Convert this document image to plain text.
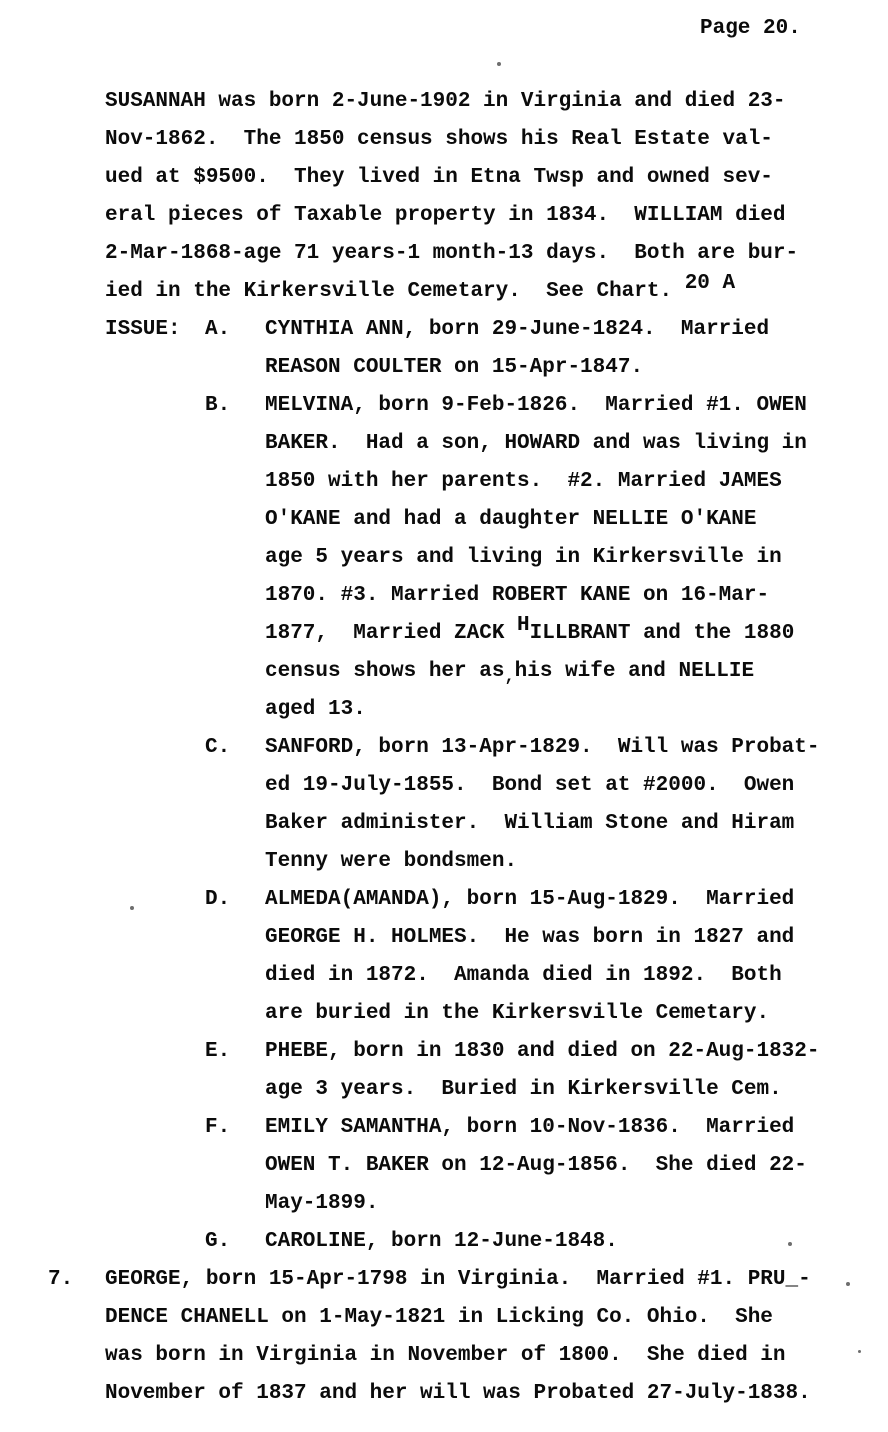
Page 20.
SUSANNAH was born 2-June-1902 in Virginia and died 23-
Nov-1862.  The 1850 census shows his Real Estate val-
ued at $9500.  They lived in Etna Twsp and owned sev-
eral pieces of Taxable property in 1834.  WILLIAM died
2-Mar-1868-age 71 years-1 month-13 days.  Both are bur-
ied in the Kirkersville Cemetary.  See Chart. 20 A
ISSUE: A. CYNTHIA ANN, born 29-June-1824.  Married
REASON COULTER on 15-Apr-1847.
B. MELVINA, born 9-Feb-1826.  Married #1. OWEN
BAKER.  Had a son, HOWARD and was living in
1850 with her parents.  #2. Married JAMES
O'KANE and had a daughter NELLIE O'KANE
age 5 years and living in Kirkersville in
1870. #3. Married ROBERT KANE on 16-Mar-
1877,  Married ZACK HILLBRANT and the 1880
census shows her $as_,his$ wife and NELLIE
aged 13.
C. SANFORD, born 13-Apr-1829.  Will was Probat-
ed 19-July-1855.  Bond set at #2000.  Owen
Baker administer.  William Stone and Hiram
Tenny were bondsmen.
D. ALMEDA(AMANDA), born 15-Aug-1829.  Married
GEORGE H. HOLMES.  He was born in 1827 and
died in 1872.  Amanda died in 1892.  Both
are buried in the Kirkersville Cemetary.
E. PHEBE, born in 1830 and died on 22-Aug-1832-
age 3 years.  Buried in Kirkersville Cem.
F. EMILY SAMANTHA, born 10-Nov-1836.  Married
OWEN T. BAKER on 12-Aug-1856.  She died 22-
May-1899.
G. CAROLINE, born 12-June-1848.
7. GEORGE, born 15-Apr-1798 in Virginia.  Married #1. PRU_-
DENCE CHANELL on 1-May-1821 in Licking Co. Ohio.  She
was born in Virginia in November of 1800.  She died in
November of 1837 and her will was Probated 27-July-1838.
